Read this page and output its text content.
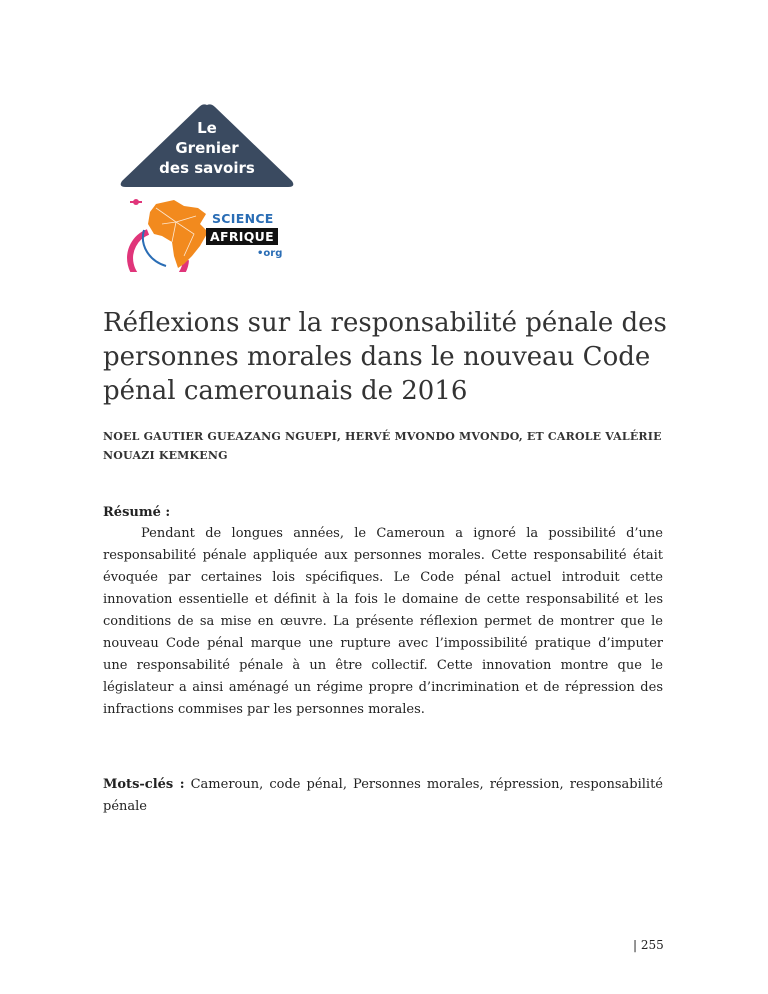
Le
Grenier
des savoirs
SCIENCE
AFRIQUE
•org
Réflexions sur la responsabilité pénale des personnes morales dans le nouveau Code pénal camerounais de 2016
NOEL GAUTIER GUEAZANG NGUEPI, HERVÉ MVONDO MVONDO, ET CAROLE VALÉRIE NOUAZI KEMKENG
Résumé :

Pendant de longues années, le Cameroun a ignoré la possibilité d’une responsabilité pénale appliquée aux personnes morales. Cette responsabilité était évoquée par certaines lois spécifiques. Le Code pénal actuel introduit cette innovation essentielle et définit à la fois le domaine de cette responsabilité et les conditions de sa mise en œuvre. La présente réflexion permet de montrer que le nouveau Code pénal marque une rupture avec l’impossibilité pratique d’imputer une responsabilité pénale à un être collectif. Cette innovation montre que le législateur a ainsi aménagé un régime propre d’incrimination et de répression des infractions commises par les personnes morales.

Mots-clés : Cameroun, code pénal, Personnes morales, répression, responsabilité pénale

| 255
